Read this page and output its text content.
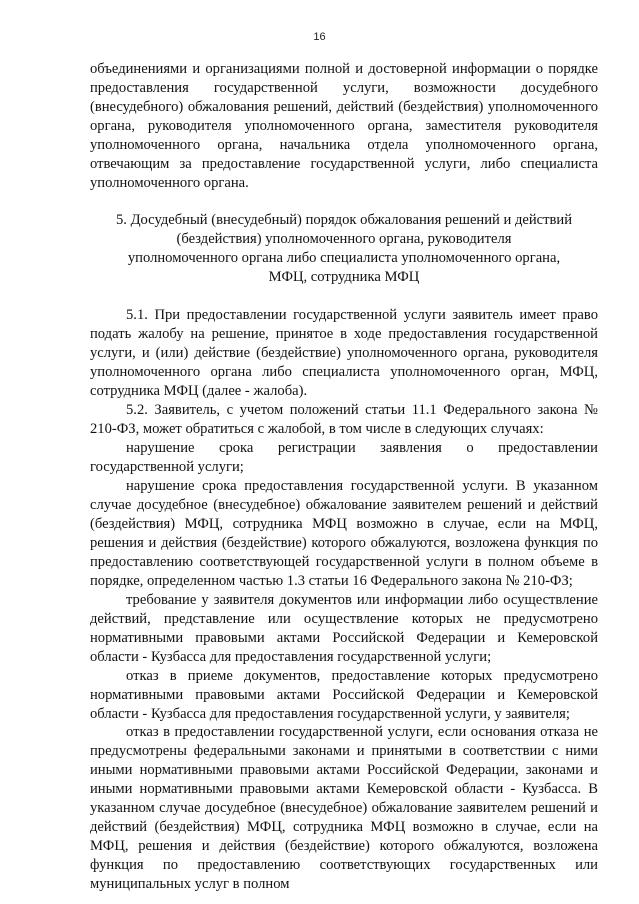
16

объединениями и организациями полной и достоверной информации о порядке предоставления государственной услуги, возможности досудебного (внесудебного) обжалования решений, действий (бездействия) уполномоченного органа, руководителя уполномоченного органа, заместителя руководителя уполномоченного органа, начальника отдела уполномоченного органа, отвечающим за предоставление государственной услуги, либо специалиста уполномоченного органа.

5. Досудебный (внесудебный) порядок обжалования решений и действий

(бездействия) уполномоченного органа, руководителя

уполномоченного органа либо специалиста уполномоченного органа,

МФЦ, сотрудника МФЦ

5.1. При предоставлении государственной услуги заявитель имеет право подать жалобу на решение, принятое в ходе предоставления государственной услуги, и (или) действие (бездействие) уполномоченного органа, руководителя уполномоченного органа либо специалиста уполномоченного орган, МФЦ, сотрудника МФЦ (далее - жалоба).

5.2. Заявитель, с учетом положений статьи 11.1 Федерального закона № 210-ФЗ, может обратиться с жалобой, в том числе в следующих случаях:

нарушение срока регистрации заявления о предоставлении государственной услуги;

нарушение срока предоставления государственной услуги. В указанном случае досудебное (внесудебное) обжалование заявителем решений и действий (бездействия) МФЦ, сотрудника МФЦ возможно в случае, если на МФЦ, решения и действия (бездействие) которого обжалуются, возложена функция по предоставлению соответствующей государственной услуги в полном объеме в порядке, определенном частью 1.3 статьи 16 Федерального закона № 210-ФЗ;

требование у заявителя документов или информации либо осуществление действий, представление или осуществление которых не предусмотрено нормативными правовыми актами Российской Федерации и Кемеровской области - Кузбасса для предоставления государственной услуги;

отказ в приеме документов, предоставление которых предусмотрено нормативными правовыми актами Российской Федерации и Кемеровской области - Кузбасса для предоставления государственной услуги, у заявителя;

отказ в предоставлении государственной услуги, если основания отказа не предусмотрены федеральными законами и принятыми в соответствии с ними иными нормативными правовыми актами Российской Федерации, законами и иными нормативными правовыми актами Кемеровской области - Кузбасса. В указанном случае досудебное (внесудебное) обжалование заявителем решений и действий (бездействия) МФЦ, сотрудника МФЦ возможно в случае, если на МФЦ, решения и действия (бездействие) которого обжалуются, возложена функция по предоставлению соответствующих государственных или муниципальных услуг в полном
